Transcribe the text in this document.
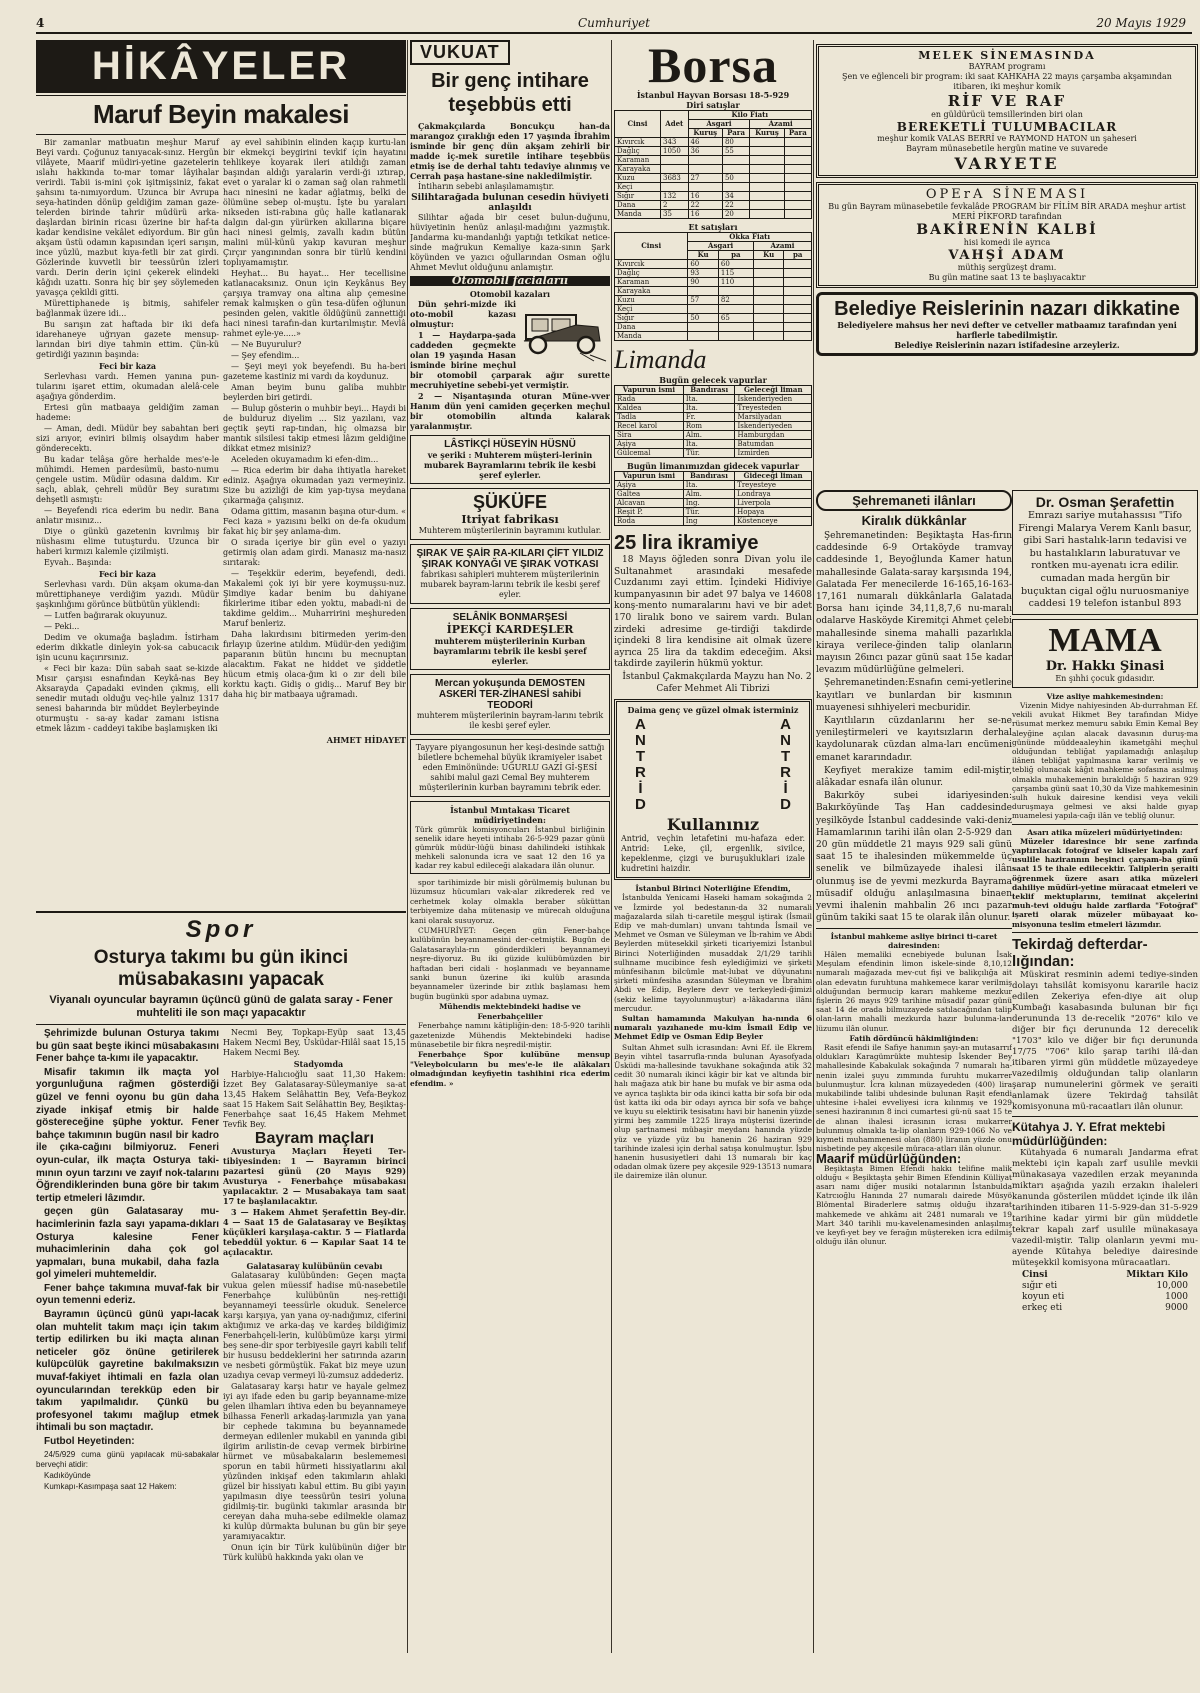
4	Cumhuriyet	20 Mayıs 1929
HİKÂYELER
Maruf Beyin makalesi

Bir zamanlar matbuatın meşhur Maruf Beyi vardı. Çoğunuz tanıyacak-sınız. Hergün vilâyete, Maarif müdiri-yetine gazetelerin ıslahı hakkında to-mar tomar lâyihalar verirdi. Tabii is-mini çok işitmişsiniz, fakat şahsını ta-nımıyordum. Uzunca bir Avrupa seya-hatinden dönüp geldiğim zaman gaze-telerden birinde tahrir müdürü arka-daşlardan birinin ricası üzerine bir haf-ta kadar kendisine vekâlet ediyordum. Bir gün akşam üstü odamın kapısından içeri sarışın, ince yüzlü, mazbut kıya-fetli bir zat girdi. Gözlerinde kuvvetli bir teessürün izleri vardı. Derin derin içini çekerek elindeki kâğıdı uzattı. Sonra hiç bir şey söylemeden yavaşça çekildi gitti.

Mürettiphanede iş bitmiş, sahifeler bağlanmak üzere idi...

Bu sarışın zat haftada bir iki defa idarehaneye uğrıyan gazete mensup-larından biri diye tahmin ettim. Çün-kü getirdiği yazının başında:

Feci bir kaza

Serlevhası vardı. Hemen yanına pun-tularını işaret ettim, okumadan alelâ-cele aşağıya gönderdim.

Ertesi gün matbaaya geldiğim zaman hademe:

— Aman, dedi. Müdür bey sabahtan beri sizi arıyor, eviniri bilmiş olsaydım haber gönderecektı.

Bu kadar telâşa göre herhalde mes'e-le mühimdi. Hemen pardesümü, basto-numu çengele ustim. Müdür odasına daldım. Kır saçlı, ablak, çehreli müdür Bey suratımı dehşetli asmıştı:

— Beyefendi rica ederim bu nedir. Bana anlatır mısınız...

Diye o günkü gazetenin kıvrılmış bir nüshasını elime tutuşturdu. Uzunca bir haberi kırmızı kalemle çizilmişti.

Eyvah.. Başında:

Feci bir kaza

Serlevhası vardı. Dün akşam okuma-dan mürettiphaneye verdiğim yazıdı. Müdür şaşkınlığımı görünce bütbütün yüklendi:

— Lutfen bağırarak okuyunuz.

— Peki...

Dedim ve okumağa başladım. İstirham ederim dikkatle dinleyin yok-sa cabucacık işin ucunu kaçırırsınız.

« Feci bir kaza: Dün sabah saat se-kizde Mısır çarşısı esnafından Keykâ-nas Bey Aksarayda Çapadaki evinden çıkmış, elli senedir mutadı olduğu veç-hile yalnız 1317 senesi baharında bir müddet Beylerbeyinde oturmuştu - sa-ay kadar zamanı istisna etmek lâzım - caddeyi takibe başlamışken iki

ay evel sahibinin elinden kaçıp kurtu-lan bir ekmekçi beygirini tevkif için hayatını tehlikeye koyarak ileri atıldığı zaman başından aldığı yaralarin verdi-ği ıztırap, evet o yaralar ki o zaman sağ olan rahmetli hacı ninesini ne kadar ağlatmış, belki de ölümüne sebep ol-muştu. İşte bu yaraları nikseden isti-rabına güç halle katlanarak dalgın dal-gın yürürken akıllarına biçare haci ninesi gelmiş, zavallı kadın bütün malini mül-künü yakıp kavuran meşhur Çırçır yangınından sonra bir türlü kendini toplıyamamıştır.

Heyhat... Bu hayat... Her tecellisine katlanacaksınız. Onun için Keykânus Bey çarşıya tramvay ona altına alıp çemesine remak kalmışken o gün tesa-düfen oğlunun pesinden gelen, vakitle öldüğünü zannettiği haci ninesi tarafın-dan kurtarılmıştır. Mevlâ rahmet eyle-ye.....»

— Ne Buyurulur?

— Şey efendim...

— Şeyi meyi yok beyefendi. Bu ha-beri gazeteme kastiniz mi vardı da koydunuz.

Aman beyim bunu galiba muhbir beylerden biri getirdi.

— Bulup gösterin o muhbir beyi... Haydi bi de bulduruz diyelim ... Siz yazılanı, vaz geçtik şeyti rap-tından, hiç olmazsa bir mantık silsilesi takip etmesi lâzım geldiğine dikkat etmez misiniz?

Aceleden okuyamadım ki efen-dim...

— Rica ederim bir daha ihtiyatla hareket ediniz. Aşağıya okumadan yazı vermeyiniz. Size bu azizliği de kim yap-tıysa meydana çıkarmağa çalışınız.

Odama gittim, masanın başına otur-dum. « Feci kaza » yazısını belki on de-fa okudum fakat hiç bir şey anlama-dım.

O sırada içeriye bir gün evel o yazıyı getirmiş olan adam girdi. Manasız ma-nasız sırıtarak:

— Teşekkür ederim, beyefendi, dedi. Makalemi çok iyi bir yere koymuşsu-nuz. Şimdiye kadar benim bu dahiyane fikirlerime itibar eden yoktu, mabadi-ni de takdime geldim... Muharririni meşhureden Maruf benleriz.

Daha lakırdısını bitirmeden yerim-den fırlayıp üzerine atıldım. Müdür-den yediğim paparanın bütün hıncını bu mecnuptan alacaktım. Fakat ne hiddet ve şiddetle hücum etmiş olaca-ğım ki o zır deli bile korktu kaçtı. Gidiş o gidiş... Maruf Bey bir daha hiç bir matbaaya uğramadı.

AHMET HİDAYET
Spor
Osturya takımı bu gün ikinci müsabakasını yapacak
Viyanalı oyuncular bayramın üçüncü günü de galata saray - Fener muhteliti ile son maçı yapacaktır

Şehrimizde bulunan Osturya takımı bu gün saat beşte ikinci müsabakasını Fener bahçe ta-kımı ile yapacaktır.

Misafir takımın ilk maçta yol yorgunluğuna rağmen gösterdiği güzel ve fenni oyonu bu gün daha ziyade inkişaf etmiş bir halde göstereceğine şüphe yoktur. Fener bahçe takımının bugün nasıl bir kadro ile çıka-cağını bilmiyoruz. Feneri oyun-cular, ilk maçta Osturya taki-mının oyun tarzını ve zayıf nok-talarını Öğrendiklerinden buna göre bir takım tertip etmeleri lâzımdır.

geçen gün Galatasaray mu-hacimlerinin fazla sayı yapama-dıkları Osturya kalesine Fener muhacimlerinin daha çok gol yapmaları, buna mukabil, daha fazla gol yimeleri muhtemeldir.

Fener bahçe takımına muvaf-fak bir oyun temenni ederiz.

Bayramın üçüncü günü yapı-lacak olan muhtelit takım maçı için takım tertip edilirken bu iki maçta alınan neticeler göz önüne getirilerek kulüpcülük gayretine bakılmaksızın muvaf-fakiyet ihtimali en fazla olan oyuncularından terekküp eden bir takım yapılmalıdır. Çünkü bu profesyonel takımı mağlup etmek ihtimali bu son maçtadır.

Futbol Heyetinden:

24/5/929 cuma günü yapılacak mü-sabakalar berveçhi atidir:

Kadıköyünde

Kumkapı-Kasımpaşa saat 12 Hakem:

Necmi Bey, Topkapı-Eyüp saat 13,45 Hakem Necmi Bey, Üsküdar-Hilâl saat 15,15 Hakem Necmi Bey.

Stadyomda

Harbiye-Halıcıoğlu saat 11,30 Hakem: İzzet Bey Galatasaray-Süleymaniye sa-at 13,45 Hakem Selâhattin Bey, Vefa-Beykoz saat 15 Hakem Sait Selâhattin Bey, Beşiktaş-Fenerbahçe saat 16,45 Hakem Mehmet Tevfik Bey.

Bayram maçları

Avusturya Maçları Heyeti Ter-tibiyesinden: 1 — Bayramın birinci pazartesi günü (20 Mayıs 929) Avusturya - Fenerbahçe müsabakası yapılacaktır. 2 — Musabakaya tam saat 17 te başlanılacaktır.

3 — Hakem Ahmet Şerafettin Bey-dir. 4 — Saat 15 de Galatasaray ve Beşiktaş küçükleri karşılaşa-caktır. 5 — Fiatlarda tebeddül yoktur. 6 — Kapılar Saat 14 te açılacaktır.

Galatasaray kulübünün cevabı

Galatasaray kulübünden: Geçen maçta vukua gelen müessif hadise mü-nasebetile Fenerbahçe kulübünün neş-rettiği beyannameyi teessürle okuduk. Senelerce karşı karşıya, yan yana oy-nadığımız, ciferini aktığımız ve arka-daş ve kardeş bildiğimiz Fenerbahçeli-lerin, kulübümüze karşı yirmi beş sene-dir spor terbiyesile gayri kabili telif bir hususu beddeklerini her satırında azarın ve nesbeti görmüştük. Fakat biz meye uzun uzadıya cevap vermeyi lü-zumsuz addederiz.

Galatasaray karşı hatır ve hayale gelmez iyi ayı ifade eden bu garip beyanname-mize gelen ilhamları ihtiva eden bu beyannameye bilhassa Fenerli arkadaş-larımızla yan yana bir cephede takımına bu beyannamede dermeyan edilenler mukabil en yanında gibi ilgirim arılistin-de cevap vermek birbirine hürmet ve müsabakaların beslememesi sporun en tabii hürmeti hissiyatlarını akıl yüzünden inkişaf eden takımların ahlaki güzel bir hissiyatı kabul ettim. Bu gibi yayın yapılmasın diye teessürün tesiri yoluna gidilmiş-tir. bugünki takımlar arasında bir cereyan daha muha-sebe edilmekle olamaz ki kulüp dürmakta bulunan bu gün bir şeye yaramıyacaktır.

Onun için bir Türk kulübünün diğer bir Türk kulübü hakkında yakı olan ve

VUKUAT
Bir genç intihare teşebbüs etti

Çakmakçılarda Boncukçu han-da marangoz çıraklığı eden 17 yaşında İbrahim isminde bir genç dün akşam zehirli bir madde iç-mek suretile intihare teşebbüs etmiş ise de derhal tahtı tedaviye alınmış ve Cerrah paşa hastane-sine nakledilmiştir.

İntiharın sebebi anlaşılamamıştır.

Silihtarağada bulunan cesedin hüviyeti anlaşıldı

Silihtar ağada bir ceset bulun-duğunu, hüviyetinin henüz anlaşıl-madığını yazmıştık. Jandarma ku-mandanlığı yaptığı tetkikat netice-sinde mağrukun Kemaliye kaza-sının Şark köyünden ve yazıcı oğullarından Osman oğlu Ahmet Mevlut olduğunu anlamıştır.

Otomobil facialarıı
Otomobil kazaları

Dün şehri-mizde iki oto-mobil kazası olmuştur:

1 — Haydarpa-şada caddeden geçmekte olan 19 yaşında Hasan isminde birine meçhul bir otomobil çarparak ağır surette mecruhiyetine sebebi-yet vermiştir.

2 — Nişantaşında oturan Müne-vver Hanım dün yeni camiden geçerken meçhul bir otomobilin altında kalarak yaralanmıştır.

LÂSTİKÇİ HÜSEYİN HÜSNÜ
ve şeriki : Muhterem müşteri-lerinin mubarek Bayramlarını tebrik ile kesbi şeref eylerler.
ŞÜKÜFE
Itriyat fabrikası
Muhterem müşterilerinin bayramını kutlular.
ŞIRAK VE ŞAİR RA-KILARI ÇİFT YILDIZ ŞIRAK KONYAĞI VE ŞIRAK VOTKASI
fabrikası sahipleri muhterem müşterilerinin mubarek bayram-larını tebrik ile kesbi şeref eyler.
SELÂNİK BONMARŞESİ
İPEKÇİ KARDEŞLER
muhterem müşterilerinin Kurban bayramlarını tebrik ile kesbi şeref eylerler.
Mercan yokuşunda DEMOSTEN ASKERİ TER-ZİHANESİ sahibi TEODORİ
muhterem müşterilerinin bayram-larını tebrik ile kesbi şeref eyler.
Tayyare piyangosunun her keşi-desinde sattığı biletlere bchemehal büyük ikramiyeler isabet eden Eminönünde: UĞURLU GAZİ Gİ-ŞESİ sahibi malul gazi Cemal Bey muhterem müşterilerinin kurban bayramını tebrik eder.
İstanbul Mıntakası Ticaret müdiriyetinden:
Türk gümrük komisyoncuları İstanbul birliğinin senelik idare heyeti intihabı 26-5-929 pazar günü gümrük müdür-lüğü binası dahilindeki istihkak mehkeli salonunda icra ve saat 12 den 16 ya kadar rey kabul edileceği alakadara ilân olunur.

spor tarihimizde bir misli görülmemiş bulunan bu lüzumsuz hücumları vak-alar zikrederek red ve cerhetmek kolay olmakla beraber süküttan terbiyemize daha mütenasip ve mürecah olduğuna kani olarak susuyoruz.

CUMHURİYET: Geçen gün Fener-bahçe kulübünün beyannamesini der-cetmiştik. Bugün de Galatasaraylıla-rın gönderdikleri beyannameyi neşre-diyoruz. Bu iki güzide kulübümüzden bir haftadan beri cidali - hoşlanmadı ve beyanname sanki bunun üzerine iki kulüb arasında beyannameler üzerinde bir zıtlık başlaması hem bugün bugünkü spor adabına uymaz.

Mühendis mektebindeki hadise ve Fenerbahçeliler

Fenerbahçe namını kâtipliğin-den: 18-5-920 tarihli gazetenizde Mühendis Mektebindeki hadise münasebetile bir fıkra neşredil-miştir.

Fenerbahçe Spor kulübüne mensup "Veleybolcuların bu mes'e-le ile alâkaları olmadığından keyfiyetin tashihini rica ederim efendim. »

Borsa
İstanbul Hayvan Borsası 18-5-929
Diri satışlar
Cinsi	Adet	Kilo Fiatı			
		Asgari		Azami	
		Kuruş	Para	Kuruş	Para
Kıvırcık	343	46	80		
Dağlıç	1050	36	55		
Karaman					
Karayaka					
Kuzu	3683	27	50		
Keçi					
Sığır	132	16	34		
Dana	2	22	22		
Manda	35	16	20		
Et satışları
Cinsi	Okka Fiatı			
	Asgari		Azami	
	Ku	pa	Ku	pa
Kıvırcık	60	60		
Dağlıç	93	115		
Karaman	90	110		
Karayaka				
Kuzu	57	82		
Keçi				
Sığır	50	65		
Dana				
Manda				
Limanda
Bugün gelecek vapurlar
Vapurun ismi	Bandırası	Geleceği liman
Rada	İta.	İskenderiyeden
Kaldea	İta.	Treyesteden
Tadla	Fr.	Marsilyadan
Recel karol	Rom	İskenderiyeden
Sira	Alm.	Hamburgdan
Aşiya	İta.	Batumdan
Gülcemal	Tür.	İzmirden
Bugün limanımızdan gidecek vapurlar
Vapurun ismi	Bandırası	Gideceği liman
Aşiya	İta.	Treyesteye
Galtea	Alm.	Londraya
Alcavan	İng.	Liverpola
Reşit P.	Tür.	Hopaya
Roda	İng	Köstenceye
25 lira ikramiye

18 Mayıs öğleden sonra Divan yolu ile Sultanahmet arasındaki mesafede Cuzdanımı zayi ettim. İçindeki Hidiviye kumpanyasının bir adet 97 balya ve 14608 konş-mento numaralarını havi ve bir adet 170 liralık bono ve sairem vardı. Bulan zirdeki adresime ge-tirdiği takdirde içindeki 8 lira kendisine ait olmak üzere ayrıca 25 lira da takdim edeceğim. Aksi takdirde zayilerin hükmü yoktur.

İstanbul Çakmakçılarda Mayzu han No. 2 Cafer Mehmet Ali Tibrizi

Daima genç ve güzel olmak isterminiz
A
N
T
R
İ
D
A
N
T
R
İ
D
Kullanınız
Antrid, veçhin letafetini mu-hafaza eder. Antrid: Leke, çil, ergenlik, sivilce, kepeklenme, çizgi ve buruşukluklari izale kudretini haizdir.
İstanbul Birinci Noterliğine Efendim,

İstanbulda Yenicami Haseki hamam sokağında 2 ve İzmirde yol bedestanın-da 32 numarali mağazalarda silah ti-caretile meşgul iştirak (İsmail Edip ve mah-dumları) unvanı tahtında İsmail ve Mehmet ve Osman ve Süleyman ve İb-rahim ve Abdi Beylerden mütesekkil şirketi ticariyemizi İstanbul Birinci Noterliğinden musaddak 2/1/29 tarihli sulhname mucibince fesh eylediğimizi ve şirketi münfesihanın bilcümle mat-lubat ve düyunatını şirketi münfesiha azasından Süleyman ve İbrahim Abdi ve Edip, Beylere devr ve terkeyledi-ğimizi (sekiz kelime tayyolunmuştur) a-lâkadarına ilânı mercudur.

Sultan hamamında Makulyan ha-nında 6 numaralı yazıhanede mu-kim İsmail Edip ve Mehmet Edip ve Osman Edip Beyler

Sultan Ahmet sulh icrasından: Avni Ef. ile Ekrem Beyin vihtel tasarrufla-rında bulunan Ayasofyada Üsküdi ma-hallesinde tavukhane sokağında atik 32 cedit 30 numaralı ikinci kâgir bir kat ve altında bir halı mağaza atık bir hane bu mufak ve bir asma oda ve ayrıca taşlıkta bir oda ikinci katta bir sofa bir oda üst katta iki oda bir odayı ayrıca bir sofa ve bahçe ve kuyu su elektirik tesisatını havi bir hanenin yüzde yirmi beş zammile 1225 liraya müşterisi üzerinde olup şartnamesi mübaşir meydanı hanında yüzde yüz ve yüzde yüz bu hanenin 26 haziran 929 tarihinde izalesi için derhal satışa konulmuştur. İşbu hanenin hususiyetleri dahi 13 numaralı bir kaç odadan olmak üzere pey akçesile 929-13513 numara ile dairemize ilân olunur.

MELEK SİNEMASINDA
BAYRAM programı
Şen ve eğlenceli bir program: iki saat KAHKAHA 22 mayıs çarşamba akşamından itibaren, iki meşhur komik
RİF VE RAF
en güldürücü temsillerinden biri olan
BEREKETLİ TULUMBACILAR
meşhur komik VALAS BERRİ ve RAYMOND HATON un şaheseri
Bayram münasebetile hergün matine ve suvarede
VARYETE
OPErA SİNEMASI
Bu gün Bayram münasebetile fevkalâde PROGRAM bir FİLİM BİR ARADA meşhur artist MERİ PİKFORD tarafından
BAKİRENİN KALBİ
hisi komedi ile ayrıca
VAHŞİ ADAM
müthiş sergüzeşt dramı.
Bu gün matine saat 13 te başlıyacaktır
Belediye Reislerinin nazarı dikkatine
Belediyelere mahsus her nevi defter ve cetveller matbaamız tarafından yeni harflerle tabedilmiştir.
Belediye Reislerinin nazarı istifadesine arzeyleriz.
Şehremaneti ilânları
Kiralık dükkânlar

Şehremanetinden: Beşiktaşta Has-fırın caddesinde 6-9 Ortaköyde tramvay caddesinde 1, Beyoğlunda Kamer hatun mahallesinde Galata-saray karşısında 194, Galatada Fer menecilerde 16-165,16-163-17,161 numaralı dükkânlarla Galatada Borsa hanı içinde 34,11,8,7,6 nu-maralı odalarve Hasköyde Kiremitçi Ahmet çelebi mahallesinde sinema mahalli pazarlıkla kiraya verilece-ğinden talip olanların mayısın 26ıncı pazar günü saat 15e kadar levazım müdürlüğüne gelmeleri.

Şehremanetinden:Esnafın cemi-yetlerine kayıtları ve bunlardan bir kısmının muayenesi sıhhiyeleri mecburidir.

Kayıtlıların cüzdanlarını her se-ne yenileştirmeleri ve kayıtsızların derhal kaydolunarak cüzdan alma-ları encümeni emanet kararındadır.

Keyfiyet merakize tamim edil-miştir, alâkadar esnafa ilân olunur.

Bakırköy subei idariyesinden: Bakırköyünde Taş Han caddesinde yeşilköyde İstanbul caddesinde vaki-deniz Hamamlarının tarihi ilân olan 2-5-929 dan 20 gün müddetle 21 mayıs 929 sali günü saat 15 te ihalesinden mükemmelde üç senelik ve bilmüzayede ihalesi ilân olunmuş ise de yevmi mezkurda Bayrama müsadif olduğu anlaşılmasına binaen yevmi ihalenin mahbalin 26 ıncı pazar günüm takiki saat 15 te olarak ilân olunur.

İstanbul mahkeme asliye birinci ti-caret dairesinden:

Hâlen memaliki ecnebiyede bulunan İsak Meşulam efendinin limon iskele-sinde 8,10,12 numaralı mağazada mev-cut fişi ve balikçılığa ait olan edevatın furuhtuna mahkemece karar verilmiş olduğundan bermucip kararı mahkeme mezkur fişlerin 26 mayıs 929 tarihine müsadif pazar günü saat 14 de orada bilmuzayede satılacağından talip olan-ların mahalli mezkurda hazır bulunma-ları lüzumu ilân olunur.

Fatih dördüncü hâkimliğinden:

Rasit efendi ile Safiye hanımın şayı-an mutasarrıf oldukları Karagümrükte muhtesip İskender Bey mahallesinde Kabakulak sokağında 7 numaralı ha-nenin izalei şuyu zımmında furuhtu mukarrer bulunmuştur. İcra kılınan müzayededen (400) lira mukabilinde talibi uhdesinde bulunan Raşit efendi uhtesine i-halei evveliyesi icra kılınmış ve 1929 senesi haziranının 8 inci cumartesi gü-nü saat 15 te de alınan ihalesi icrasının icrası mukarrer bulunmuş olmakla ta-lip olanların 929-1066 No ve kıymeti muhammenesi olan (880) liranın yüzde onu nisbetinde pey akçesile müraca-atları ilân olunur.

Maarif müdürlüğünden:

Beşiktaşta Bimen Efendi hakkı telifine malik olduğu « Beşiktaşta şehir Bimen Efendinin Külliyat asarı namı diğer musiki notalarının İstanbulda Katrcıoğlu Hanında 27 numaralı dairede Müsyö Blömental Biraderlere satmış olduğu ihzarat mahkemede ve ahkâmı ait 2481 numaralı ve 19 Mart 340 tarihli mu-kavelenamesinden anlaşılmış ve keyfi-yet bey ve ferağın müştereken icra edilmiş olduğu ilân olunur.

Dr. Osman Şerafettin
Emrazı sariye mutahassısı "Tifo Firengi Malarya Verem Kanlı basur, gibi Sari hastalık-ların tedavisi ve bu hastalıkların laburatuvar ve rontken mu-ayenatı icra edilir. cumadan mada hergün bir buçuktan cigal oğlu nuruosmaniye caddesi 19 telefon istanbul 893
MAMA
Dr. Hakkı Şinasi
En şıhhi çocuk gıdasıdır.
Vize asliye mahkemesinden:

Vizenin Midye nahiyesinden Ab-durrahman Ef. vekili avukat Hikmet Bey tarafından Midye rüsumat merkez memuru sabıkı Emin Kemal Bey aleyğine açılan alacak davasının duruş-ma gününde müddeaaleyhin ikametgâhi meçhul olduğundan tebliğat yapılamadığı anlaşılup ilânen tebliğat yapılmasına karar verilmiş ve tebliğ olunacak kâğıt mahkeme sofasına asılmış olmakla muhakemenin bırakıldığı 5 haziran 929 çarşamba günü saat 10,30 da Vize mahkemesinin sulh hukuk dairesine kendisi veya vekili duruşmaya gelmesi ve aksi halde gıyap muamelesi yapıla-cağı ilân ve tebliğ olunur.

Asarı atika müzeleri müdüriyetinden:

Müzeler idaresince bir sene zarfında yaptırılacak fotoğraf ve kliseler kapalı zarf usulile hazirannın beşinci çarşam-ba günü saat 15 te ihale edilecektir. Taliplerin şeraiti öğrenmek üzere asarı atika müzeleri dahiliye müdüri-yetine müracaat etmeleri ve teklif mektuplarını, temiinat akçelerini muh-tevi olduğu halde zarflarda "Fotoğraf" işareti olarak müzeler mübayaat ko-misyonuna teslim etmeleri lâzımdır.

Tekirdağ defterdar-lığından:

Müskirat resminin ademi tediye-sinden dolayı tahsilât komisyonu kararile haciz edilen Zekeriya efen-diye ait olup Kumbağı kasabasında bulunan bir fıçı derununda 13 de-recelik "2076" kilo ve diğer bir fıçı derununda 12 derecelik "1703" kilo ve diğer bir fıçı derununda 17/75 "706" kilo şarap tarihi ilâ-dan itibaren yirmi gün müddetle müzayedeye vazedilmiş olduğundan talip olanların şarap numunelerini görmek ve şeraiti anlamak üzere Tekirdağ tahsilât komisyonuna mü-racaatları ilân olunur.

Kütahya J. Y. Efrat mektebi müdürlüğünden:

Kütahyada 6 numaralı Jandarma efrat mektebi için kapalı zarf usulile mevkii münakasaya vazedilen erzak meyanında miktarı aşağıda yazılı erzakın ihaleleri kanunda gösterilen müddet içinde ilk ilân tarihinden itibaren 11-5-929-dan 31-5-929 tarihine kadar yirmi bir gün müddetle tekrar kapalı zarf usulile münakasaya vazedil-miştir. Talip olanların yevmi mu-ayende Kütahya belediye dairesinde müteşekkil komisyona müracaatları.

Cinsi	Miktarı Kilo
sığır eti	10,000
koyun eti	1000
erkeç eti	9000
